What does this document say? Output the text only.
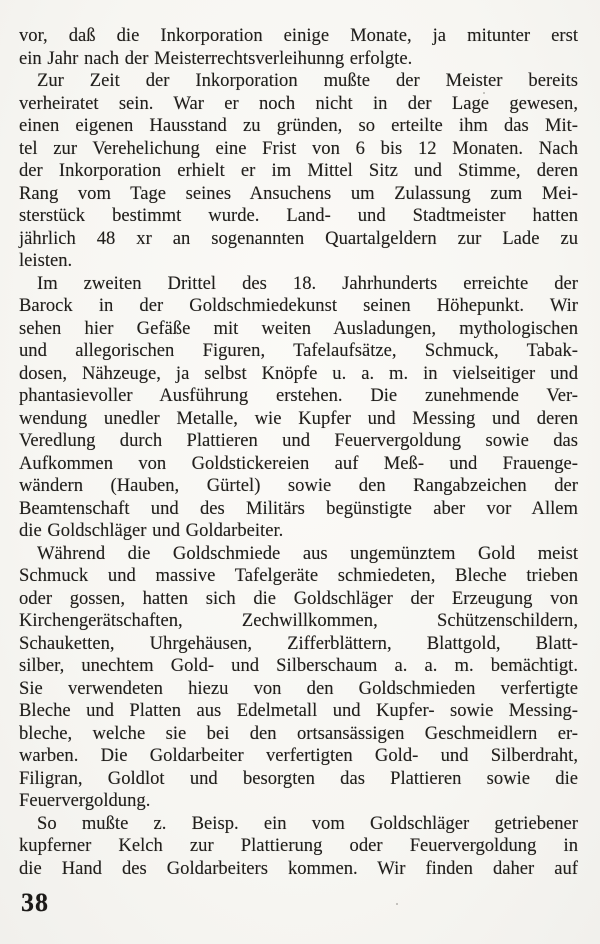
vor, daß die Inkorporation einige Monate, ja mitunter erst
ein Jahr nach der Meisterrechtsverleihunng erfolgte.
Zur Zeit der Inkorporation mußte der Meister bereits
verheiratet sein. War er noch nicht in der Lage gewesen,
einen eigenen Hausstand zu gründen, so erteilte ihm das Mit-
tel zur Verehelichung eine Frist von 6 bis 12 Monaten. Nach
der Inkorporation erhielt er im Mittel Sitz und Stimme, deren
Rang vom Tage seines Ansuchens um Zulassung zum Mei-
sterstück bestimmt wurde. Land- und Stadtmeister hatten
jährlich 48 xr an sogenannten Quartalgeldern zur Lade zu
leisten.
Im zweiten Drittel des 18. Jahrhunderts erreichte der
Barock in der Goldschmiedekunst seinen Höhepunkt. Wir
sehen hier Gefäße mit weiten Ausladungen, mythologischen
und allegorischen Figuren, Tafelaufsätze, Schmuck, Tabak-
dosen, Nähzeuge, ja selbst Knöpfe u. a. m. in vielseitiger und
phantasievoller Ausführung erstehen. Die zunehmende Ver-
wendung unedler Metalle, wie Kupfer und Messing und deren
Veredlung durch Plattieren und Feuervergoldung sowie das
Aufkommen von Goldstickereien auf Meß- und Frauenge-
wändern (Hauben, Gürtel) sowie den Rangabzeichen der
Beamtenschaft und des Militärs begünstigte aber vor Allem
die Goldschläger und Goldarbeiter.
Während die Goldschmiede aus ungemünztem Gold meist
Schmuck und massive Tafelgeräte schmiedeten, Bleche trieben
oder gossen, hatten sich die Goldschläger der Erzeugung von
Kirchengerätschaften, Zechwillkommen, Schützenschildern,
Schauketten, Uhrgehäusen, Zifferblättern, Blattgold, Blatt-
silber, unechtem Gold- und Silberschaum a. a. m. bemächtigt.
Sie verwendeten hiezu von den Goldschmieden verfertigte
Bleche und Platten aus Edelmetall und Kupfer- sowie Messing-
bleche, welche sie bei den ortsansässigen Geschmeidlern er-
warben. Die Goldarbeiter verfertigten Gold- und Silberdraht,
Filigran, Goldlot und besorgten das Plattieren sowie die
Feuervergoldung.
So mußte z. Beisp. ein vom Goldschläger getriebener
kupferner Kelch zur Plattierung oder Feuervergoldung in
die Hand des Goldarbeiters kommen. Wir finden daher auf
38
